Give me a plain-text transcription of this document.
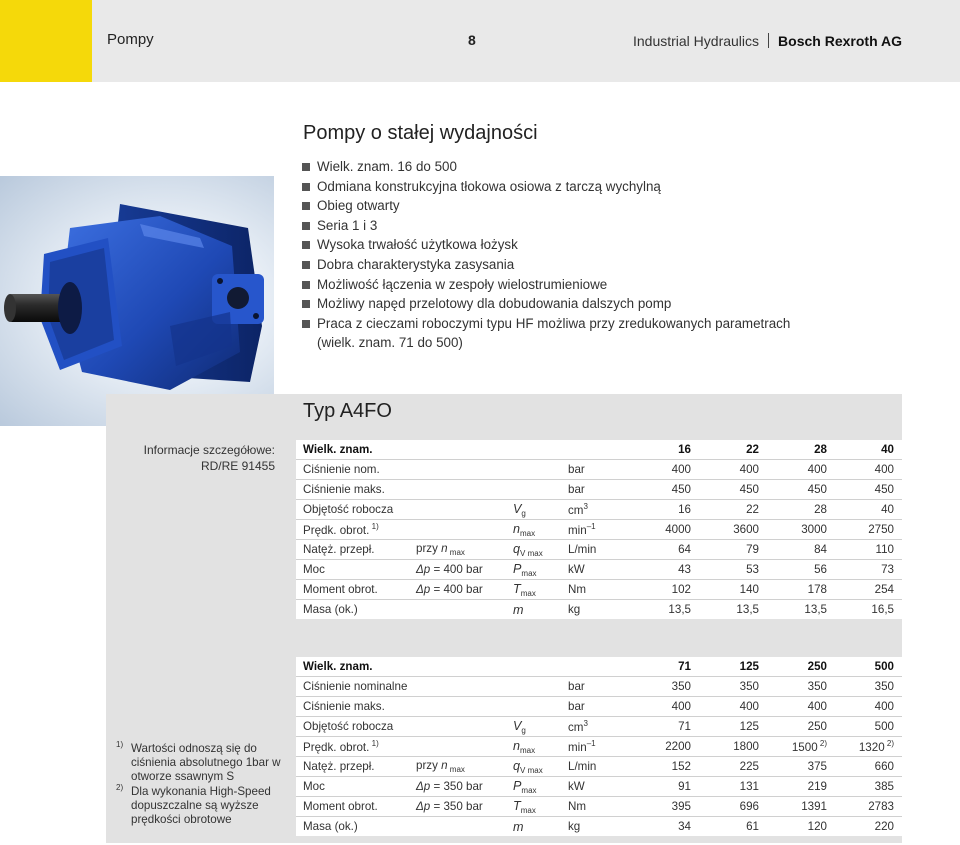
Pompy	8	Industrial Hydraulics Bosch Rexroth AG
Pompy o stałej wydajności
Wielk. znam. 16 do 500
Odmiana konstrukcyjna tłokowa osiowa z tarczą wychylną
Obieg otwarty
Seria 1 i 3
Wysoka trwałość użytkowa łożysk
Dobra charakterystyka zasysania
Możliwość łączenia w zespoły wielostrumieniowe
Możliwy napęd przelotowy dla dobudowania dalszych pomp
Praca z cieczami roboczymi typu HF możliwa przy zredukowanych parametrach
(wielk. znam. 71 do 500)
Typ A4FO
Informacje szczegółowe:
RD/RE 91455
Wielk. znam.				16	22	28	40
Ciśnienie nom.			bar	400	400	400	400
Ciśnienie maks.			bar	450	450	450	450
Objętość robocza		$V_g$	$cm^3$	16	22	28	40
Prędk. obrot. $^{1)}$		$n_{max}$	$\min^{-1}$	4000	3600	3000	2750
Natęż. przepł.	przy n $_{max}$	$q_{V max}$	L/min	64	79	84	110
Moc	Δp = 400 bar	$P_{max}$	kW	43	53	56	73
Moment obrot.	Δp = 400 bar	$T_{max}$	Nm	102	140	178	254
Masa (ok.)		m	kg	13,5	13,5	13,5	16,5
Wielk. znam.				71	125	250	500
Ciśnienie nominalne			bar	350	350	350	350
Ciśnienie maks.			bar	400	400	400	400
Objętość robocza		$V_g$	$cm^3$	71	125	250	500
Prędk. obrot. $^{1)}$		$n_{max}$	$\min^{-1}$	2200	1800	1500 $^{2)}$	1320 $^{2)}$
Natęż. przepł.	przy n $_{max}$	$q_{V max}$	L/min	152	225	375	660
Moc	Δp = 350 bar	$P_{max}$	kW	91	131	219	385
Moment obrot.	Δp = 350 bar	$T_{max}$	Nm	395	696	1391	2783
Masa (ok.)		m	kg	34	61	120	220
1) Wartości odnoszą się do ciśnienia absolutnego 1bar w otworze ssawnym S
2) Dla wykonania High-Speed dopuszczalne są wyższe prędkości obrotowe
